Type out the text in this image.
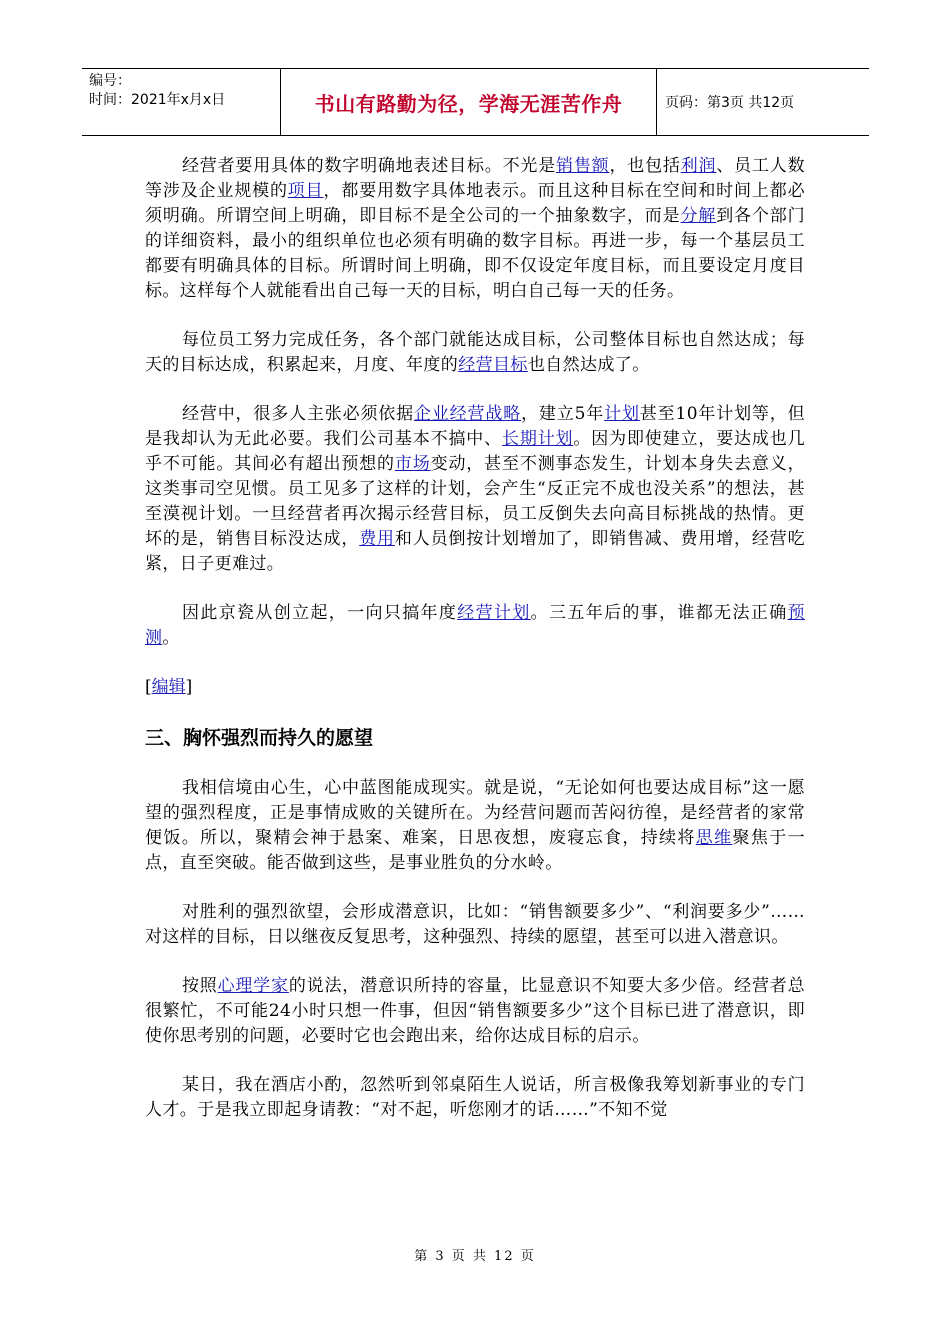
编号：
时间：2021年x月x日	书山有路勤为径，学海无涯苦作舟	页码：第3页 共12页

经营者要用具体的数字明确地表述目标。不光是销售额，也包括利润、员工人数等涉及企业规模的项目，都要用数字具体地表示。而且这种目标在空间和时间上都必须明确。所谓空间上明确，即目标不是全公司的一个抽象数字，而是分解到各个部门的详细资料，最小的组织单位也必须有明确的数字目标。再进一步，每一个基层员工都要有明确具体的目标。所谓时间上明确，即不仅设定年度目标，而且要设定月度目标。这样每个人就能看出自己每一天的目标，明白自己每一天的任务。

每位员工努力完成任务，各个部门就能达成目标，公司整体目标也自然达成；每天的目标达成，积累起来，月度、年度的经营目标也自然达成了。

经营中，很多人主张必须依据企业经营战略，建立5年计划甚至10年计划等，但是我却认为无此必要。我们公司基本不搞中、长期计划。因为即使建立，要达成也几乎不可能。其间必有超出预想的市场变动，甚至不测事态发生，计划本身失去意义，这类事司空见惯。员工见多了这样的计划，会产生“反正完不成也没关系”的想法，甚至漠视计划。一旦经营者再次揭示经营目标，员工反倒失去向高目标挑战的热情。更坏的是，销售目标没达成，费用和人员倒按计划增加了，即销售减、费用增，经营吃紧，日子更难过。

因此京瓷从创立起，一向只搞年度经营计划。三五年后的事，谁都无法正确预测。

[编辑]
三、胸怀强烈而持久的愿望

我相信境由心生，心中蓝图能成现实。就是说，“无论如何也要达成目标”这一愿望的强烈程度，正是事情成败的关键所在。为经营问题而苦闷彷徨，是经营者的家常便饭。所以，聚精会神于悬案、难案，日思夜想，废寝忘食，持续将思维聚焦于一点，直至突破。能否做到这些，是事业胜负的分水岭。

对胜利的强烈欲望，会形成潜意识，比如：“销售额要多少”、“利润要多少”……对这样的目标，日以继夜反复思考，这种强烈、持续的愿望，甚至可以进入潜意识。

按照心理学家的说法，潜意识所持的容量，比显意识不知要大多少倍。经营者总很繁忙，不可能24小时只想一件事，但因“销售额要多少”这个目标已进了潜意识，即使你思考别的问题，必要时它也会跑出来，给你达成目标的启示。

某日，我在酒店小酌，忽然听到邻桌陌生人说话，所言极像我筹划新事业的专门人才。于是我立即起身请教：“对不起，听您刚才的话……”不知不觉

第 3 页 共 12 页
